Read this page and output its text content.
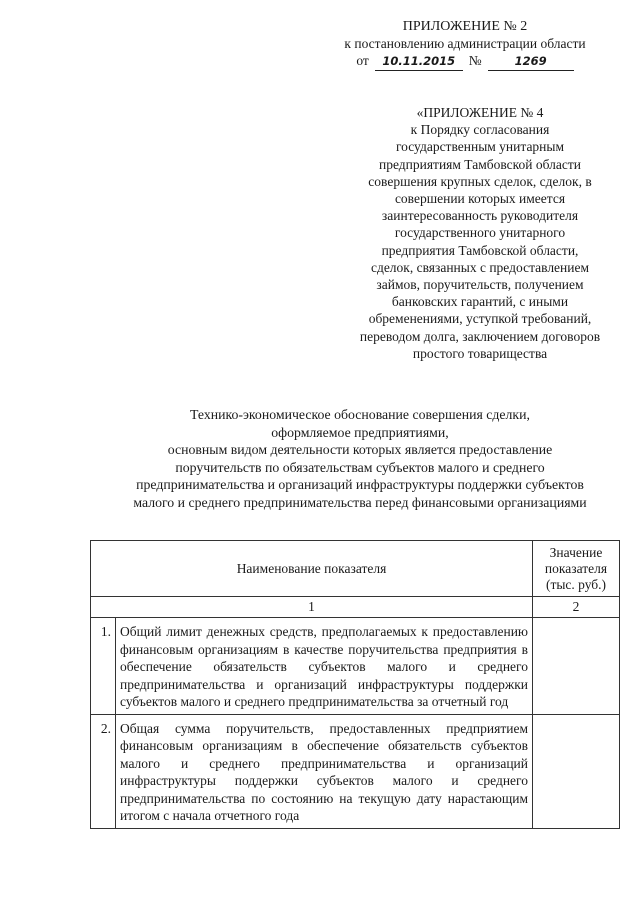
ПРИЛОЖЕНИЕ № 2
к постановлению администрации области
от	10.11.2015	№	1269

«ПРИЛОЖЕНИЕ № 4

к Порядку согласования

государственным унитарным

предприятиям Тамбовской области

совершения крупных сделок, сделок, в

совершении которых имеется

заинтересованность руководителя

государственного унитарного

предприятия Тамбовской области,

сделок, связанных с предоставлением

займов, поручительств, получением

банковских гарантий, с иными

обременениями, уступкой требований,

переводом долга, заключением договоров

простого товарищества

Технико-экономическое обоснование совершения сделки,

оформляемое предприятиями,

основным видом деятельности которых является предоставление

поручительств по обязательствам субъектов малого и среднего

предпринимательства и организаций инфраструктуры поддержки субъектов

малого и среднего предпринимательства перед финансовыми организациями

Наименование показателя		Значение показателя (тыс. руб.)
1		2
1.	Общий лимит денежных средств, предполагаемых к предоставлению финансовым организациям в качестве поручительства предприятия в обеспечение обязательств субъектов малого и среднего предпринимательства и организаций инфраструктуры поддержки субъектов малого и среднего предпринимательства за отчетный год	
2.	Общая сумма поручительств, предоставленных предприятием финансовым организациям в обеспечение обязательств субъектов малого и среднего предпринимательства и организаций инфраструктуры поддержки субъектов малого и среднего предпринимательства по состоянию на текущую дату нарастающим итогом с начала отчетного года	
